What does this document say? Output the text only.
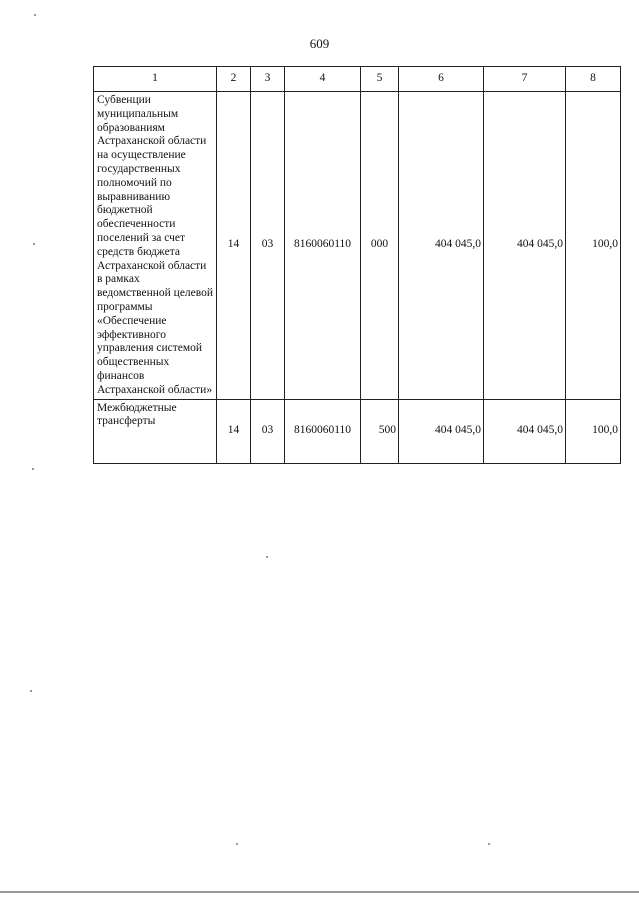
609
1	2	3	4	5	6	7	8
Субвенции муниципальным образованиям Астраханской области на осуществление государственных полномочий по выравниванию бюджетной обеспеченности поселений за счет средств бюджета Астраханской области в рамках ведомственной целевой программы «Обеспечение эффективного управления системой общественных финансов Астраханской области»	14	03	8160060110	000	404 045,0	404 045,0	100,0
Межбюджетные трансферты	14	03	8160060110	500	404 045,0	404 045,0	100,0
